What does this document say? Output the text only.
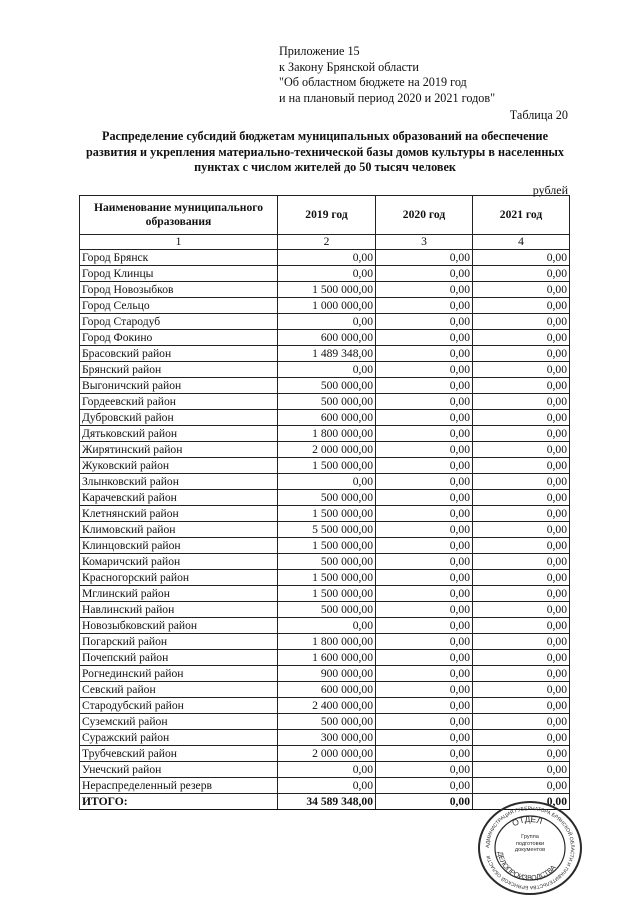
Приложение 15
к Закону Брянской области
"Об областном бюджете на 2019 год
и на плановый период 2020 и 2021 годов"
Таблица 20
Распределение субсидий бюджетам муниципальных образований на обеспечение развития и укрепления материально-технической базы домов культуры в населенных пунктах с числом жителей до 50 тысяч человек
рублей
Наименование муниципального образования	2019 год	2020 год	2021 год
1	2	3	4
Город Брянск	0,00	0,00	0,00
Город Клинцы	0,00	0,00	0,00
Город Новозыбков	1 500 000,00	0,00	0,00
Город Сельцо	1 000 000,00	0,00	0,00
Город Стародуб	0,00	0,00	0,00
Город Фокино	600 000,00	0,00	0,00
Брасовский район	1 489 348,00	0,00	0,00
Брянский район	0,00	0,00	0,00
Выгоничский район	500 000,00	0,00	0,00
Гордеевский район	500 000,00	0,00	0,00
Дубровский район	600 000,00	0,00	0,00
Дятьковский район	1 800 000,00	0,00	0,00
Жирятинский район	2 000 000,00	0,00	0,00
Жуковский район	1 500 000,00	0,00	0,00
Злынковский район	0,00	0,00	0,00
Карачевский район	500 000,00	0,00	0,00
Клетнянский район	1 500 000,00	0,00	0,00
Климовский район	5 500 000,00	0,00	0,00
Клинцовский район	1 500 000,00	0,00	0,00
Комаричский район	500 000,00	0,00	0,00
Красногорский район	1 500 000,00	0,00	0,00
Мглинский район	1 500 000,00	0,00	0,00
Навлинский район	500 000,00	0,00	0,00
Новозыбковский район	0,00	0,00	0,00
Погарский район	1 800 000,00	0,00	0,00
Почепский район	1 600 000,00	0,00	0,00
Рогнединский район	900 000,00	0,00	0,00
Севский район	600 000,00	0,00	0,00
Стародубский район	2 400 000,00	0,00	0,00
Суземский район	500 000,00	0,00	0,00
Суражский район	300 000,00	0,00	0,00
Трубчевский район	2 000 000,00	0,00	0,00
Унечский район	0,00	0,00	0,00
Нераспределенный резерв	0,00	0,00	0,00
ИТОГО:	34 589 348,00	0,00	0,00
АДМИНИСТРАЦИЯ ГУБЕРНАТОРА БРЯНСКОЙ ОБЛАСТИ И ПРАВИТЕЛЬСТВА БРЯНСКОЙ ОБЛАСТИ
ОТДЕЛ
ДЕЛОПРОИЗВОДСТВА
Группа подготовки документов
